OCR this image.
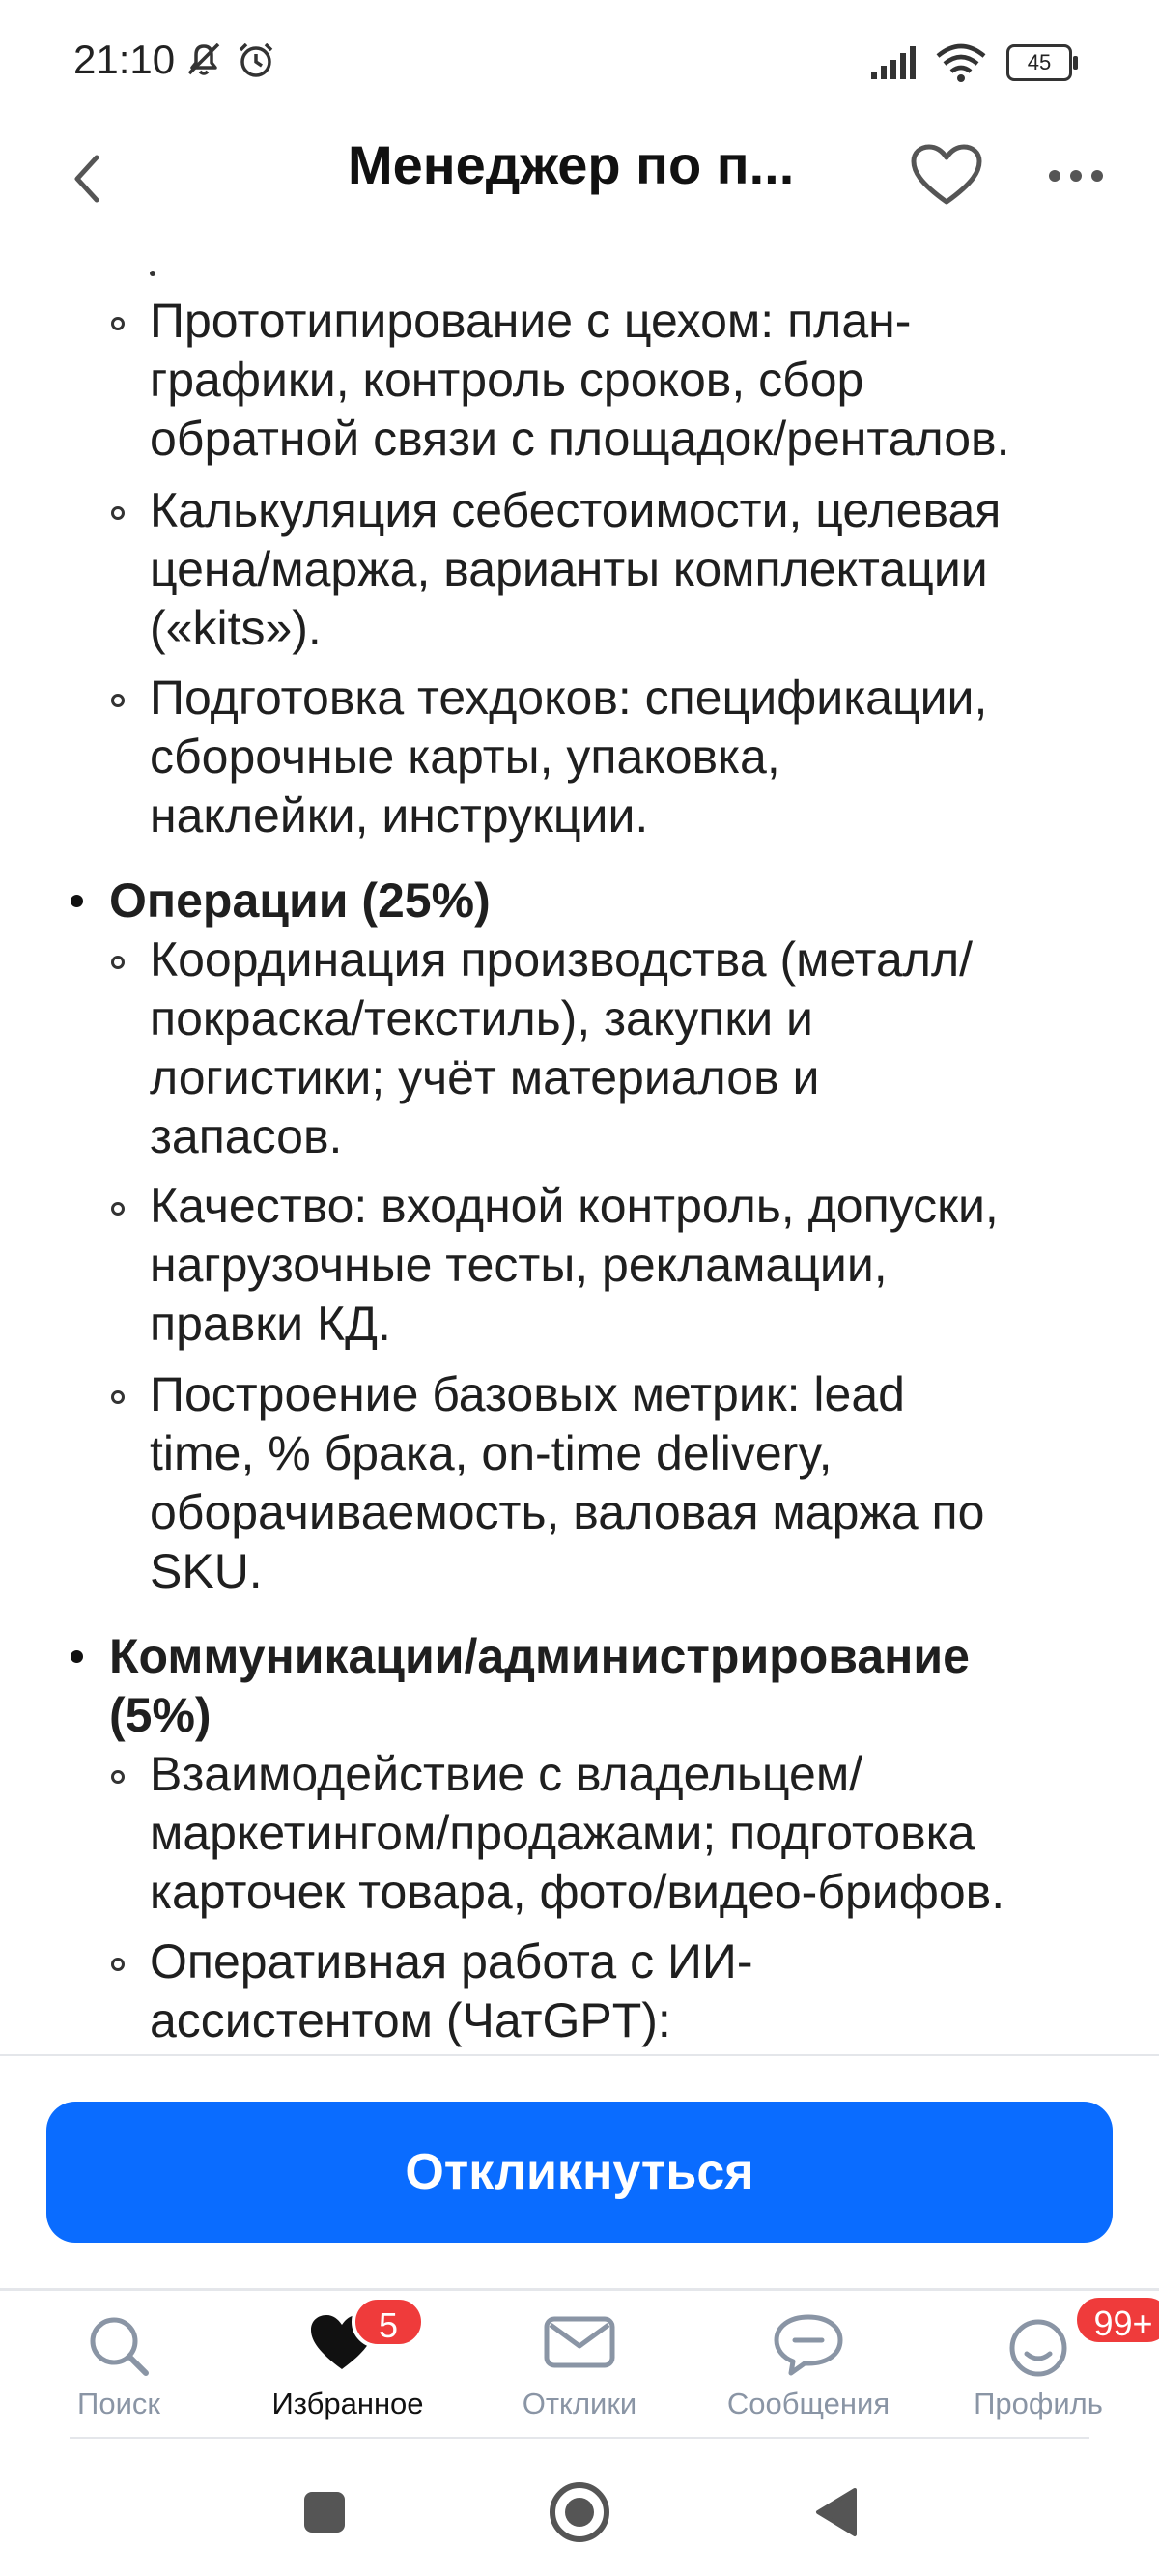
21:10	45
Менеджер по п...
Прототипирование с цехом: план-
графики, контроль сроков, сбор
обратной связи с площадок/ренталов.
Калькуляция себестоимости, целевая
цена/маржа, варианты комплектации
(«kits»).
Подготовка техдоков: спецификации,
сборочные карты, упаковка,
наклейки, инструкции.
Операции (25%)
Координация производства (металл/
покраска/текстиль), закупки и
логистики; учёт материалов и
запасов.
Качество: входной контроль, допуски,
нагрузочные тесты, рекламации,
правки КД.
Построение базовых метрик: lead
time, % брака, on-time delivery,
оборачиваемость, валовая маржа по
SKU.
Коммуникации/администрирование
(5%)
Взаимодействие с владельцем/
маркетингом/продажами; подготовка
карточек товара, фото/видео-брифов.
Оперативная работа с ИИ-
ассистентом (ЧатGPT):
Откликнуться
Поиск
5
Избранное	Отклики	Сообщения
99+
Профиль
